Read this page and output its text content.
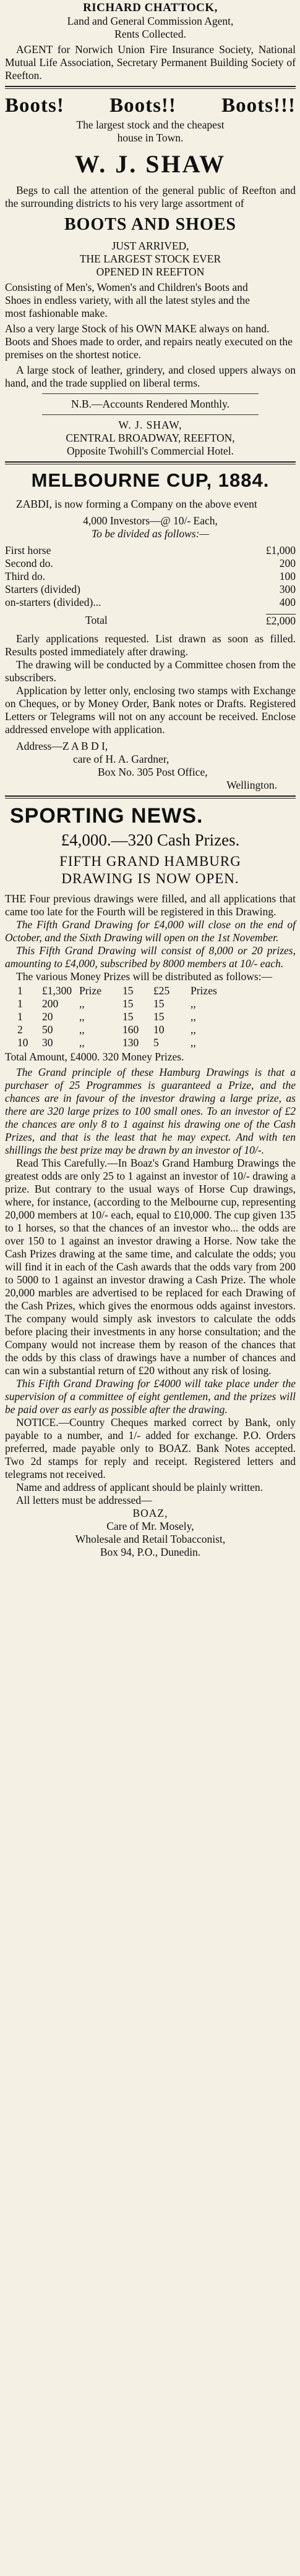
RICHARD CHATTOCK,
Land and General Commission Agent,
Rents Collected.
AGENT for Norwich Union Fire Insurance Society, National Mutual Life Association, Secretary Permanent Building Society of Reefton.
Boots! Boots!! Boots!!!
The largest stock and the cheapest
house in Town.
W. J. SHAW
Begs to call the attention of the general public of Reefton and the surrounding districts to his very large assortment of
BOOTS AND SHOES
JUST ARRIVED,
THE LARGEST STOCK EVER
OPENED IN REEFTON
Consisting of Men's, Women's and Children's Boots and Shoes in endless variety, with all the latest styles and the most fashionable make.
Also a very large Stock of his OWN MAKE always on hand. Boots and Shoes made to order, and repairs neatly executed on the premises on the shortest notice.
A large stock of leather, grindery, and closed uppers always on hand, and the trade supplied on liberal terms.
N.B.—Accounts Rendered Monthly.
W. J. SHAW,
CENTRAL BROADWAY, REEFTON,
Opposite Twohill's Commercial Hotel.
MELBOURNE CUP, 1884.
ZABDI, is now forming a Company on the above event
4,000 Investors—@ 10/- Each,
To be divided as follows:—
First horse	£1,000
Second do.	200
Third do.	100
Starters (divided)	300
on-starters (divided)...	400
Total	£2,000
Early applications requested. List drawn as soon as filled. Results posted immediately after drawing.
The drawing will be conducted by a Committee chosen from the subscribers.
Application by letter only, enclosing two stamps with Exchange on Cheques, or by Money Order, Bank notes or Drafts. Registered Letters or Telegrams will not on any account be received. Enclose addressed envelope with application.
Address—Z A B D I,
care of H. A. Gardner,
Box No. 305 Post Office,
Wellington.
SPORTING NEWS.
£4,000.—320 Cash Prizes.
FIFTH GRAND HAMBURG
DRAWING IS NOW OPEN.
THE Four previous drawings were filled, and all applications that came too late for the Fourth will be registered in this Drawing.
The Fifth Grand Drawing for £4,000 will close on the end of October, and the Sixth Drawing will open on the 1st November.
This Fifth Grand Drawing will consist of 8,000 or 20 prizes, amounting to £4,000, subscribed by 8000 members at 10/- each.
The various Money Prizes will be distributed as follows:—
1	£1,300 Prize	15	£25	Prizes
1	200	,,	15	15	,,
1	20	,,	15	15	,,
2	50	,,	160	10	,,
10	30	,,	130	5	,,
Total Amount, £4000. 320 Money Prizes.
The Grand principle of these Hamburg Drawings is that a purchaser of 25 Programmes is guaranteed a Prize, and the chances are in favour of the investor drawing a large prize, as there are 320 large prizes to 100 small ones. To an investor of £2 the chances are only 8 to 1 against his drawing one of the Cash Prizes, and that is the least that he may expect. And with ten shillings the best prize may be drawn by an investor of 10/-.
Read This Carefully.—In Boaz's Grand Hamburg Drawings the greatest odds are only 25 to 1 against an investor of 10/- drawing a prize. But contrary to the usual ways of Horse Cup drawings, where, for instance, (according to the Melbourne cup, representing 20,000 members at 10/- each, equal to £10,000. The cup given 135 to 1 horses, so that the chances of an investor who... the odds are over 150 to 1 against an investor drawing a Horse. Now take the Cash Prizes drawing at the same time, and calculate the odds; you will find it in each of the Cash awards that the odds vary from 200 to 5000 to 1 against an investor drawing a Cash Prize. The whole 20,000 marbles are advertised to be replaced for each Drawing of the Cash Prizes, which gives the enormous odds against investors. The company would simply ask investors to calculate the odds before placing their investments in any horse consultation; and the Company would not increase them by reason of the chances that the odds by this class of drawings have a number of chances and can win a substantial return of £20 without any risk of losing.
This Fifth Grand Drawing for £4000 will take place under the supervision of a committee of eight gentlemen, and the prizes will be paid over as early as possible after the drawing.
NOTICE.—Country Cheques marked correct by Bank, only payable to a number, and 1/- added for exchange. P.O. Orders preferred, made payable only to BOAZ. Bank Notes accepted. Two 2d stamps for reply and receipt. Registered letters and telegrams not received.
Name and address of applicant should be plainly written.
All letters must be addressed—
BOAZ,
Care of Mr. Mosely,
Wholesale and Retail Tobacconist,
Box 94, P.O., Dunedin.
